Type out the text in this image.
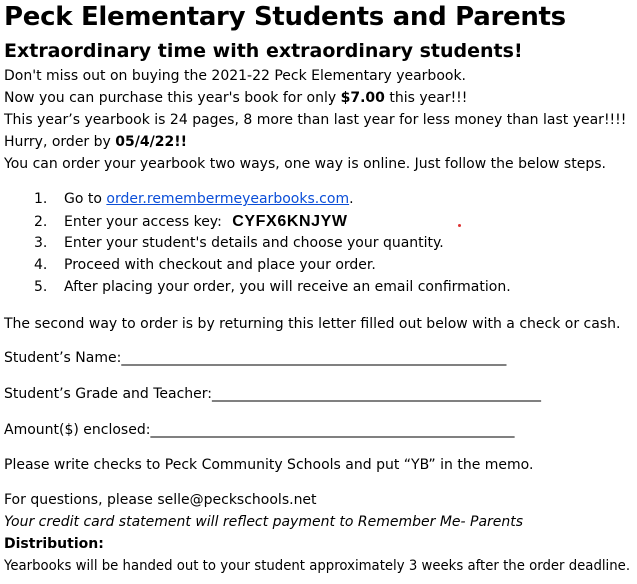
Peck Elementary Students and Parents
Extraordinary time with extraordinary students!
Don't miss out on buying the 2021-22 Peck Elementary yearbook.
Now you can purchase this year's book for only $7.00 this year!!!
This year’s yearbook is 24 pages, 8 more than last year for less money than last year!!!!
Hurry, order by 05/4/22!!
You can order your yearbook two ways, one way is online. Just follow the below steps.
1. Go to order.remembermeyearbooks.com.
2. Enter your access key: CYFX6KNJYW
3. Enter your student's details and choose your quantity.
4. Proceed with checkout and place your order.
5. After placing your order, you will receive an email confirmation.
The second way to order is by returning this letter filled out below with a check or cash.
Student’s Name:_______________________________________________________
Student’s Grade and Teacher:_______________________________________________
Amount($) enclosed:____________________________________________________
Please write checks to Peck Community Schools and put “YB” in the memo.
For questions, please selle@peckschools.net
Your credit card statement will reflect payment to Remember Me- Parents
Distribution:
Yearbooks will be handed out to your student approximately 3 weeks after the order deadline.
